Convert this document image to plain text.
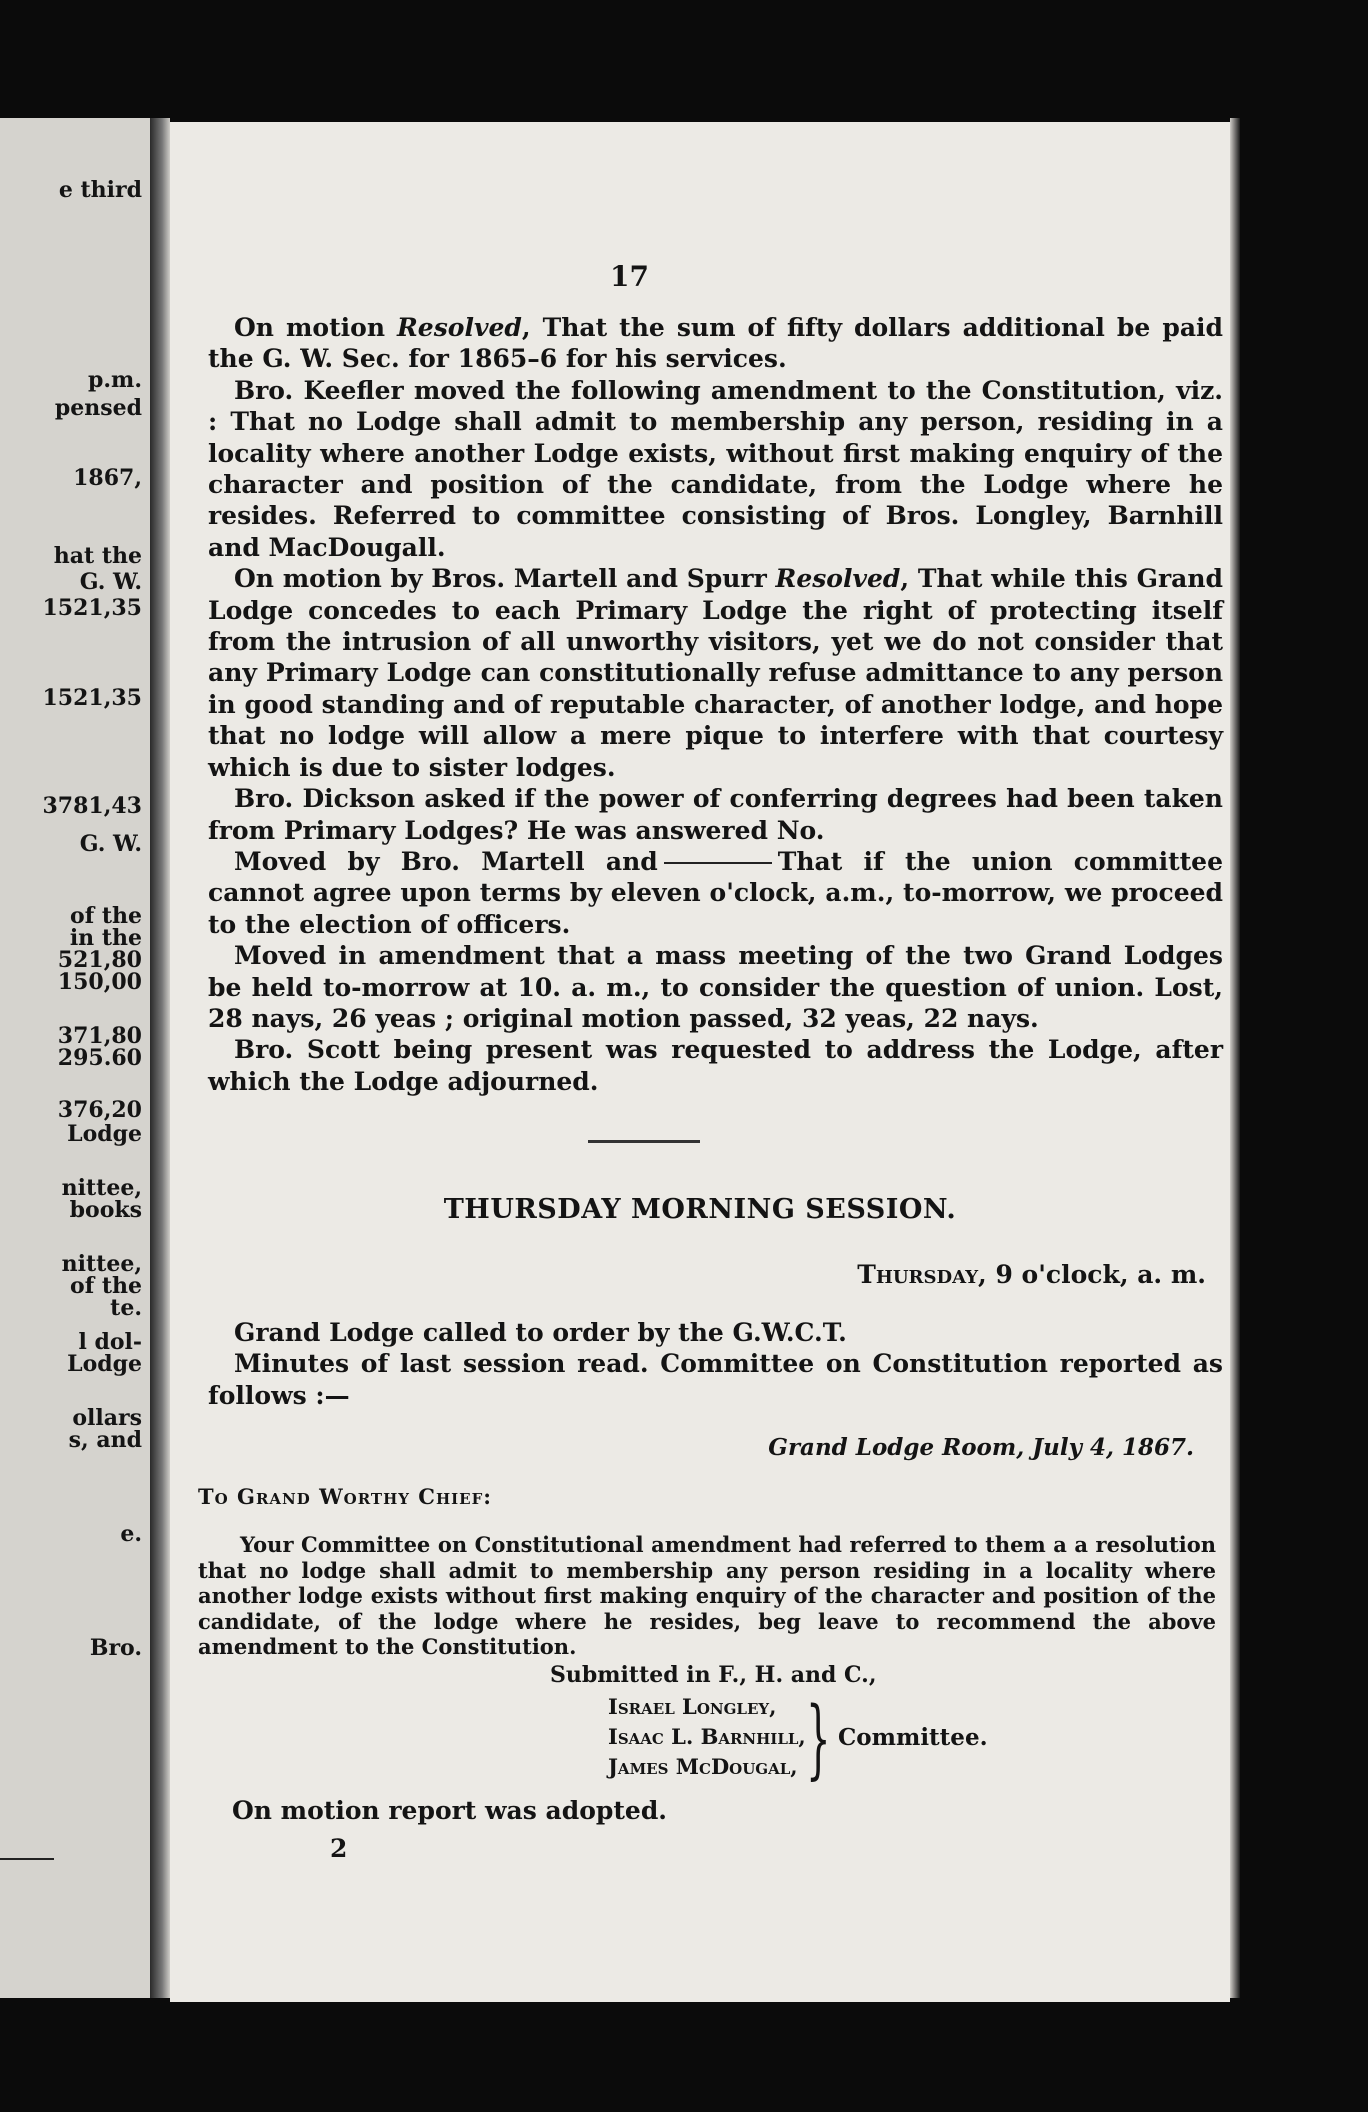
e third

p.m.

pensed

1867,

hat the

G. W.

1521,35

1521,35

3781,43

G. W.

of the

in the

521,80

150,00

371,80

295.60

376,20

Lodge

nittee,

books

nittee,

of the

te.

l dol-

Lodge

ollars

s, and

e.

Bro.

17

On motion Resolved, That the sum of fifty dollars additional be paid the G. W. Sec. for 1865–6 for his services.

Bro. Keefler moved the following amendment to the Constitution, viz. : That no Lodge shall admit to membership any person, residing in a locality where another Lodge exists, without first making enquiry of the character and position of the candidate, from the Lodge where he resides. Referred to committee consisting of Bros. Longley, Barnhill and MacDougall.

On motion by Bros. Martell and Spurr Resolved, That while this Grand Lodge concedes to each Primary Lodge the right of protecting itself from the intrusion of all unworthy visitors, yet we do not consider that any Primary Lodge can constitutionally refuse admittance to any person in good standing and of reputable character, of another lodge, and hope that no lodge will allow a mere pique to interfere with that courtesy which is due to sister lodges.

Bro. Dickson asked if the power of conferring degrees had been taken from Primary Lodges? He was answered No.

Moved by Bro. Martell and	That if the union committee cannot agree upon terms by eleven o'clock, a.m., to-morrow, we proceed to the election of officers.

Moved in amendment that a mass meeting of the two Grand Lodges be held to-morrow at 10. a. m., to consider the question of union. Lost, 28 nays, 26 yeas ; original motion passed, 32 yeas, 22 nays.

Bro. Scott being present was requested to address the Lodge, after which the Lodge adjourned.

THURSDAY MORNING SESSION.

Thursday, 9 o'clock, a. m.

Grand Lodge called to order by the G.W.C.T.

Minutes of last session read. Committee on Constitution reported as follows :—

Grand Lodge Room, July 4, 1867.

To Grand Worthy Chief:

Your Committee on Constitutional amendment had referred to them a a resolution that no lodge shall admit to membership any person residing in a locality where another lodge exists without first making enquiry of the character and position of the candidate, of the lodge where he resides, beg leave to recommend the above amendment to the Constitution.

Submitted in F., H. and C.,

Israel Longley,
Isaac L. Barnhill,
James McDougal, } Committee.

On motion report was adopted.

2
